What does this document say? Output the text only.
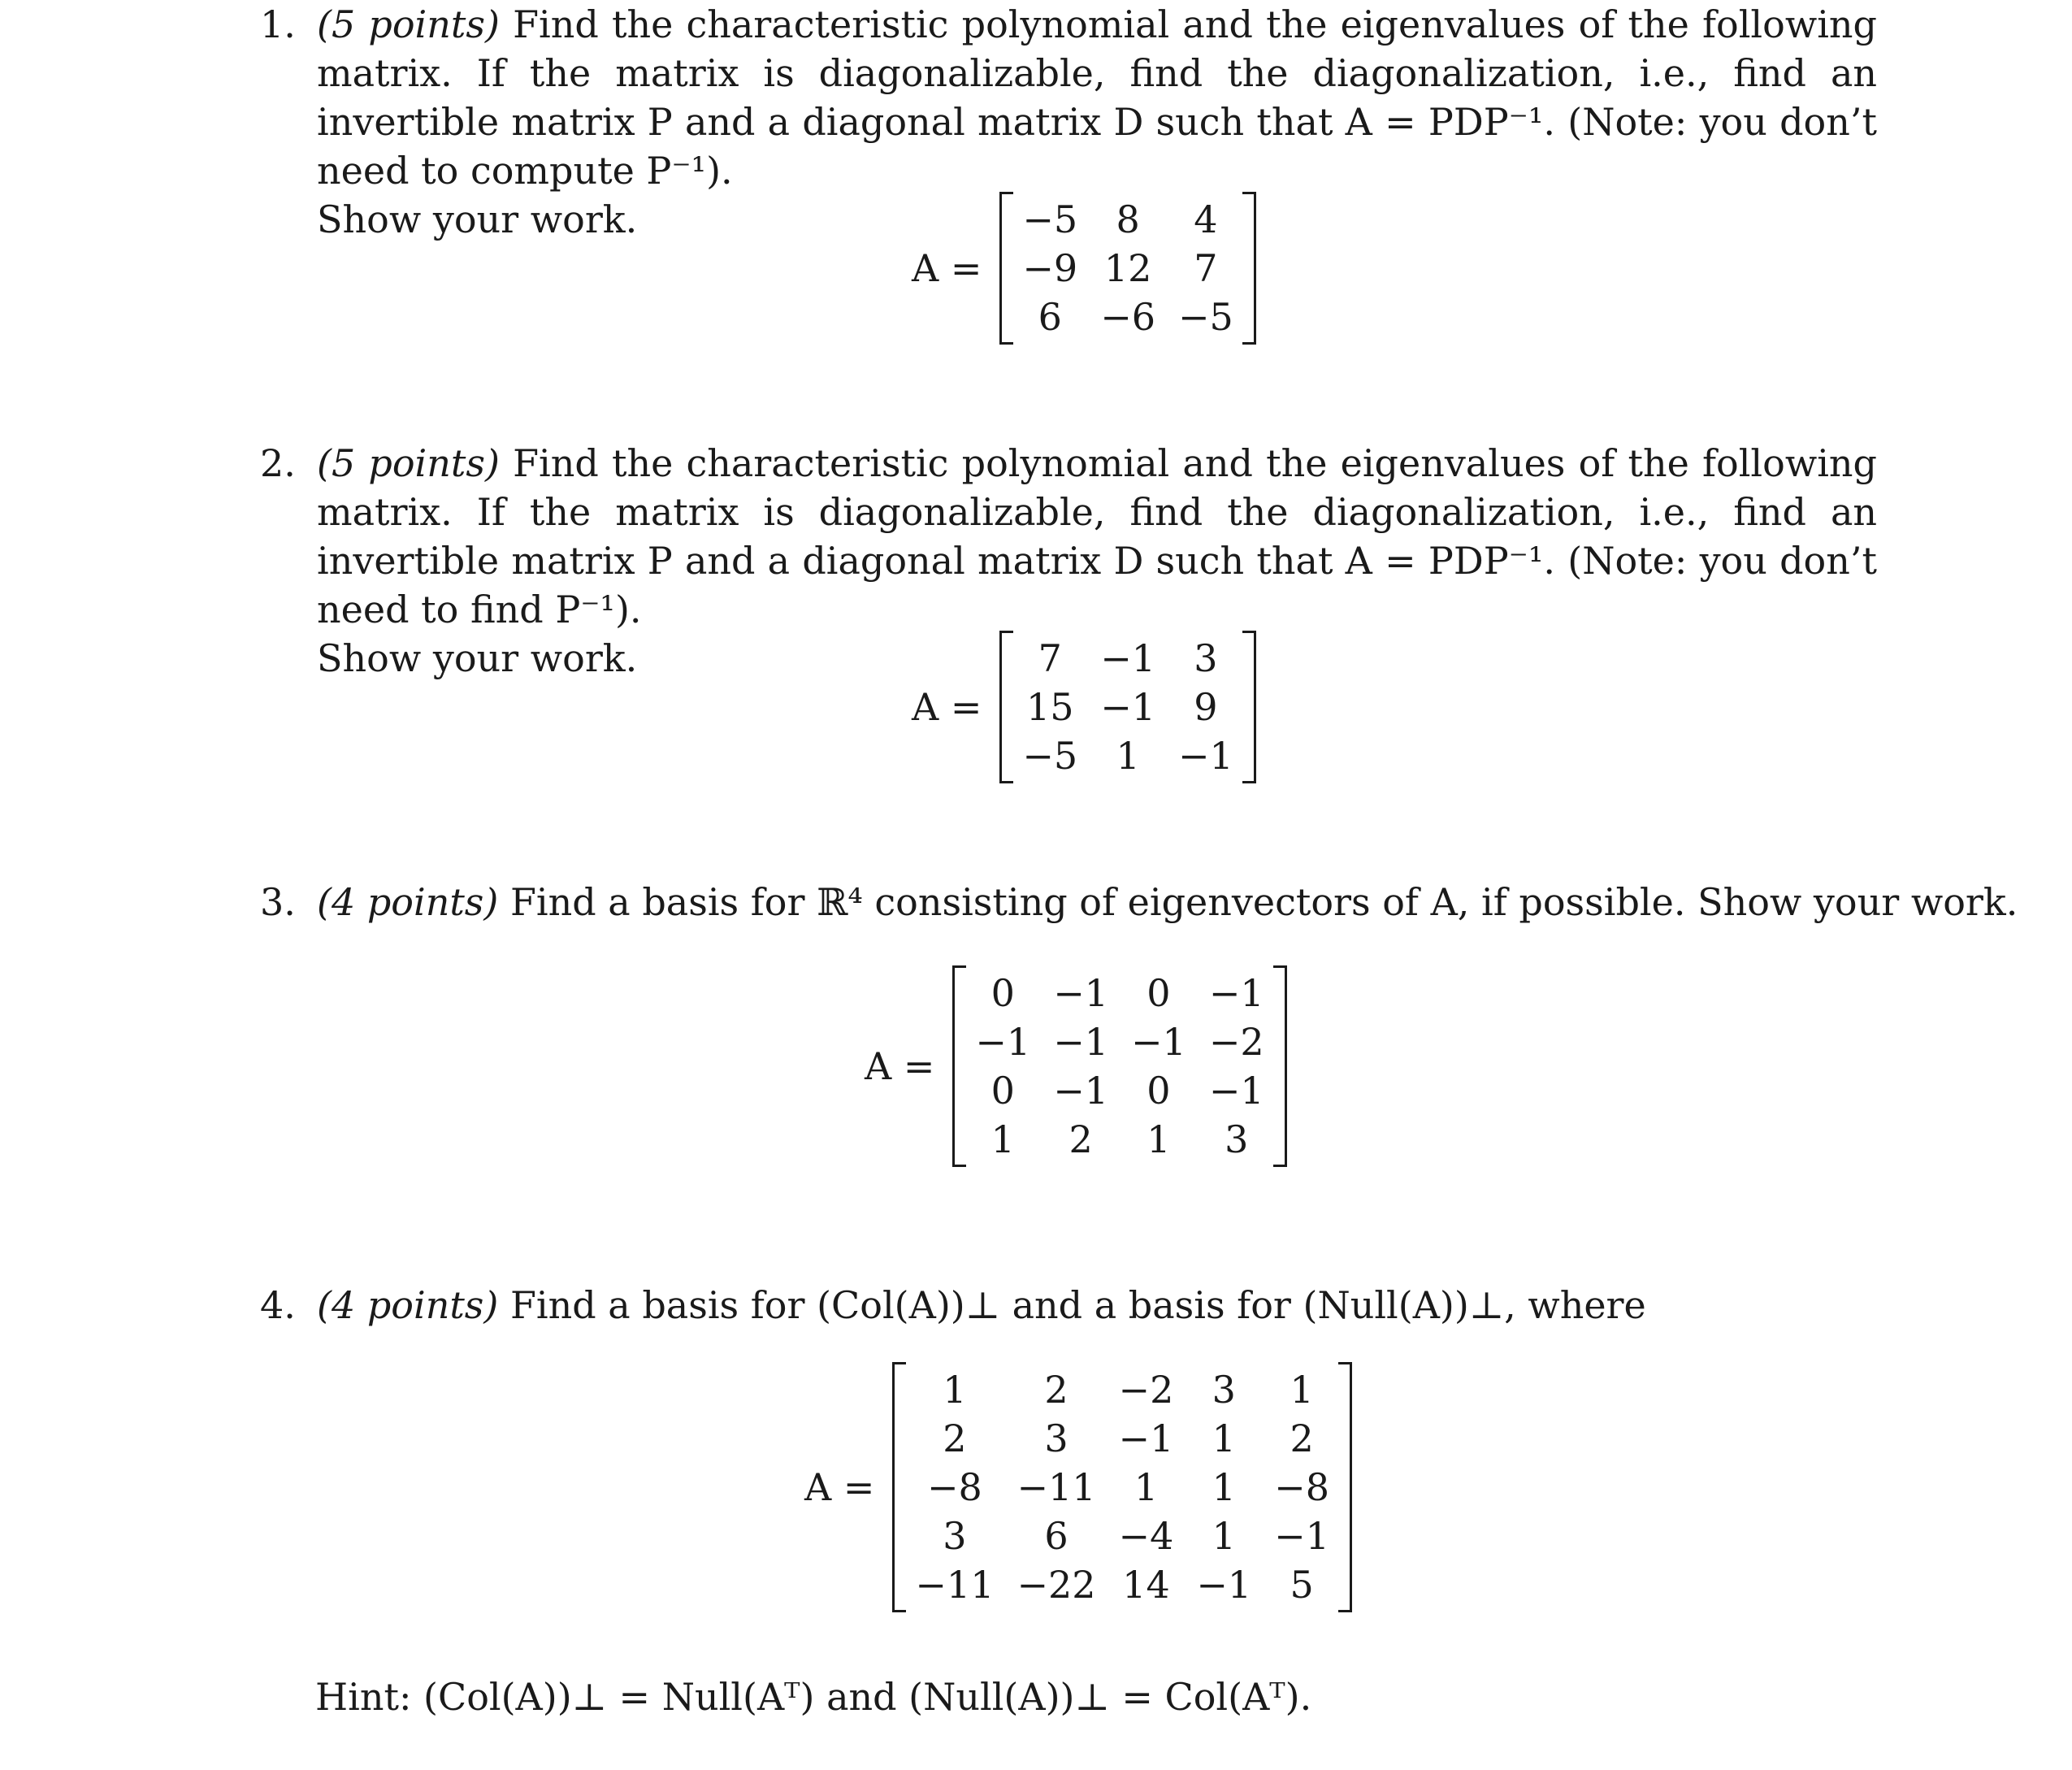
1. (5 points) Find the characteristic polynomial and the eigenvalues of the following matrix. If the matrix is diagonalizable, find the diagonalization, i.e., find an invertible matrix P and a diagonal matrix D such that A = PDP⁻¹. (Note: you don’t need to compute P⁻¹).
Show your work.
A =
−5	8	4
−9	12	7
6	−6	−5
2. (5 points) Find the characteristic polynomial and the eigenvalues of the following matrix. If the matrix is diagonalizable, find the diagonalization, i.e., find an invertible matrix P and a diagonal matrix D such that A = PDP⁻¹. (Note: you don’t need to find P⁻¹).
Show your work.
A =
7	−1	3
15	−1	9
−5	1	−1
3. (4 points) Find a basis for ℝ⁴ consisting of eigenvectors of A, if possible. Show your work.
A =
0	−1	0	−1
−1	−1	−1	−2
0	−1	0	−1
1	2	1	3
4. (4 points) Find a basis for (Col(A))⊥ and a basis for (Null(A))⊥, where
A =
1	2	−2	3	1
2	3	−1	1	2
−8	−11	1	1	−8
3	6	−4	1	−1
−11	−22	14	−1	5
Hint: (Col(A))⊥ = Null(Aᵀ) and (Null(A))⊥ = Col(Aᵀ).
